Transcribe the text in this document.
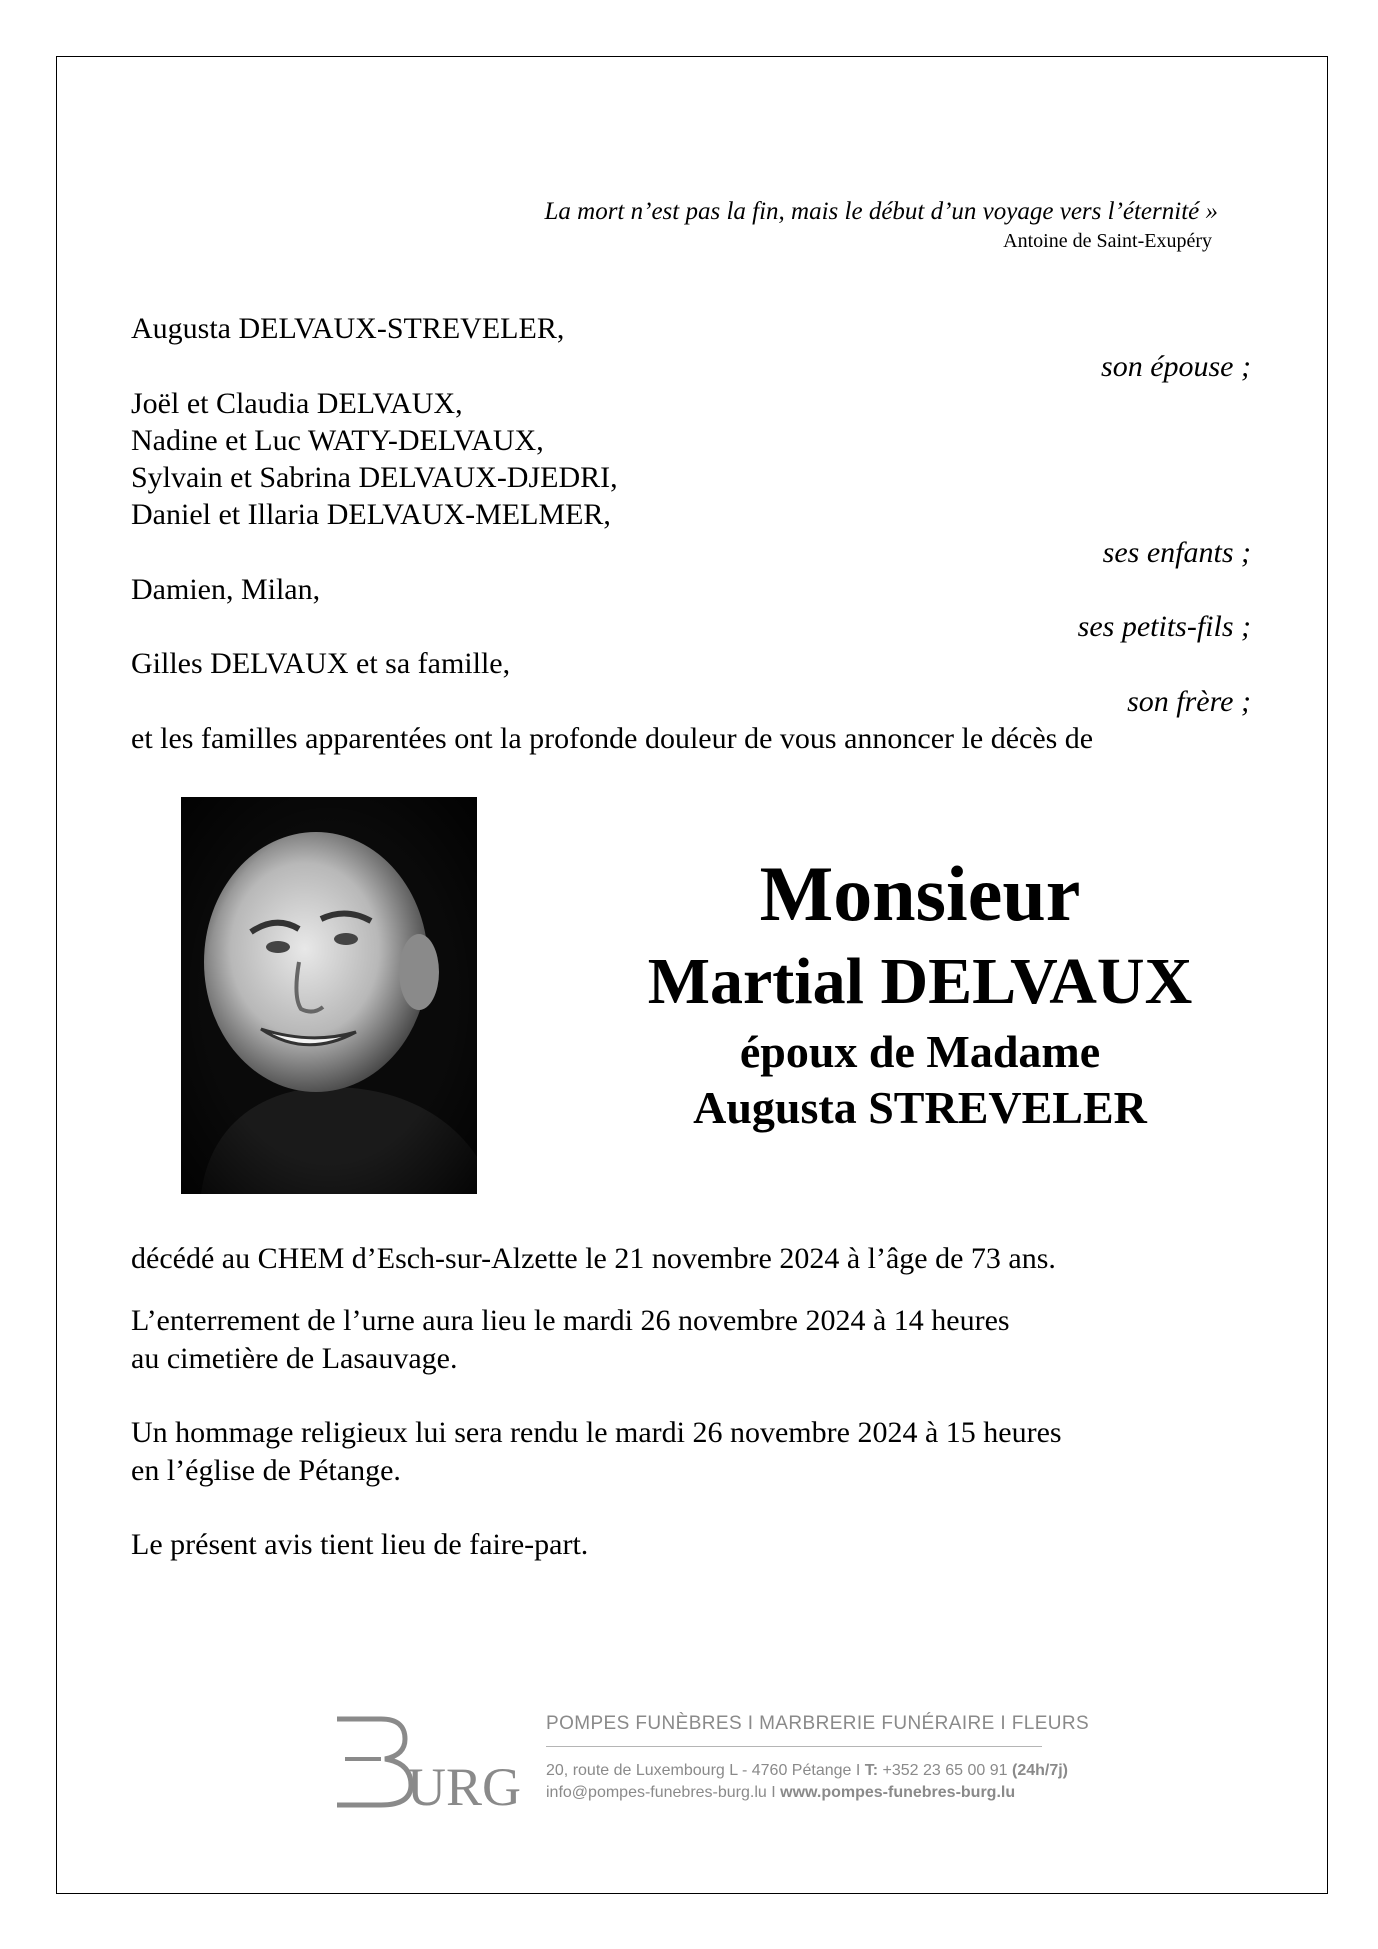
La mort n’est pas la fin, mais le début d’un voyage vers l’éternité »
Antoine de Saint-Exupéry
Augusta DELVAUX-STREVELER,
son épouse ;
Joël et Claudia DELVAUX,
Nadine et Luc WATY-DELVAUX,
Sylvain et Sabrina DELVAUX-DJEDRI,
Daniel et Illaria DELVAUX-MELMER,
ses enfants ;
Damien, Milan,
ses petits-fils ;
Gilles DELVAUX et sa famille,
son frère ;
et les familles apparentées ont la profonde douleur de vous annoncer le décès de
Monsieur
Martial DELVAUX
époux de Madame
Augusta STREVELER
décédé au CHEM d’Esch-sur-Alzette le 21 novembre 2024 à l’âge de 73 ans.
L’enterrement de l’urne aura lieu le mardi 26 novembre 2024 à 14 heures
au cimetière de Lasauvage.
Un hommage religieux lui sera rendu le mardi 26 novembre 2024 à 15 heures
en l’église de Pétange.
Le présent avis tient lieu de faire-part.
URG
POMPES FUNÈBRES I MARBRERIE FUNÉRAIRE I FLEURS
20, route de Luxembourg L - 4760 Pétange I T: +352 23 65 00 91 (24h/7j)
info@pompes-funebres-burg.lu I www.pompes-funebres-burg.lu
